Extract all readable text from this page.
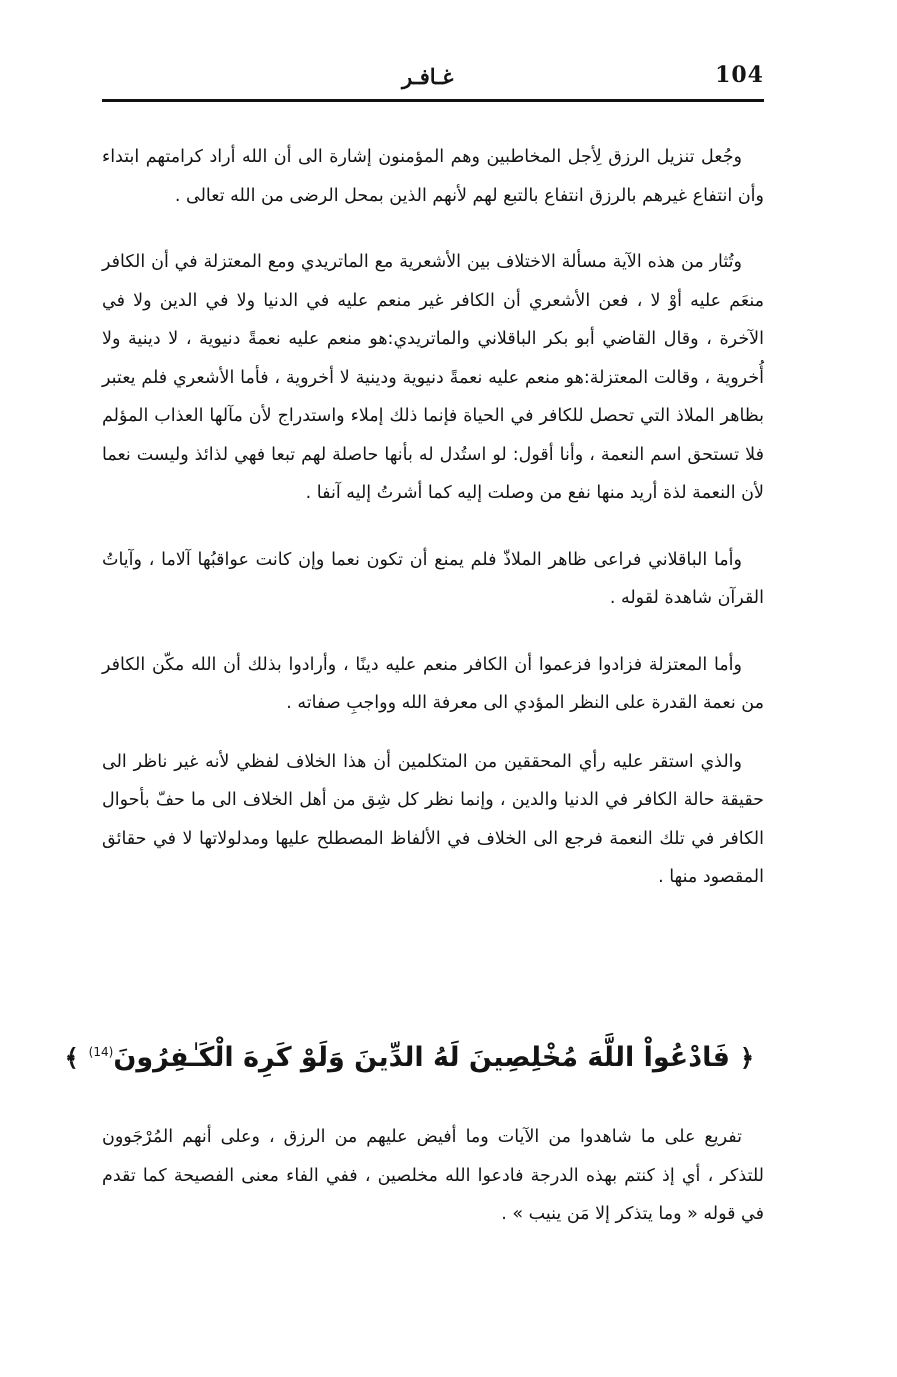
104
غـافـر

وجُعل تنزيل الرزق لِأجل المخاطبين وهم المؤمنون إشارة الى أن الله أراد كرامتهم ابتداء وأن انتفاع غيرهم بالرزق انتفاع بالتبع لهم لأنهم الذين بمحل الرضى من الله تعالى .

وتُثار من هذه الآية مسألة الاختلاف بين الأشعرية مع الماتريدي ومع المعتزلة في أن الكافر منعَم عليه أوْ لا ، فعن الأشعري أن الكافر غير منعم عليه في الدنيا ولا في الدين ولا في الآخرة ، وقال القاضي أبو بكر الباقلاني والماتريدي:هو منعم عليه نعمةً دنيوية ، لا دينية ولا أُخروية ، وقالت المعتزلة:هو منعم عليه نعمةً دنيوية ودينية لا أخروية ، فأما الأشعري فلم يعتبر بظاهر الملاذ التي تحصل للكافر في الحياة فإنما ذلك إملاء واستدراج لأن مآلها العذاب المؤلم فلا تستحق اسم النعمة ، وأنا أقول: لو استُدل له بأنها حاصلة لهم تبعا فهي لذائذ وليست نعما لأن النعمة لذة أريد منها نفع من وصلت إليه كما أشرتُ إليه آنفا .

وأما الباقلاني فراعى ظاهر الملاذّ فلم يمنع أن تكون نعما وإن كانت عواقبُها آلاما ، وآياتُ القرآن شاهدة لقوله .

وأما المعتزلة فزادوا فزعموا أن الكافر منعم عليه دينًا ، وأرادوا بذلك أن الله مكّن الكافر من نعمة القدرة على النظر المؤدي الى معرفة الله وواجبِ صفاته .

والذي استقر عليه رأي المحققين من المتكلمين أن هذا الخلاف لفظي لأنه غير ناظر الى حقيقة حالة الكافر في الدنيا والدين ، وإنما نظر كل شِق من أهل الخلاف الى ما حفّ بأحوال الكافر في تلك النعمة فرجع الى الخلاف في الألفاظ المصطلح عليها ومدلولاتها لا في حقائق المقصود منها .

﴿فَادْعُواْ اللَّهَ مُخْلِصِينَ لَهُ الدِّينَ وَلَوْ كَرِهَ الْكَـٰفِرُونَ$^{(14)}$﴾

تفريع على ما شاهدوا من الآيات وما أفيض عليهم من الرزق ، وعلى أنهم المُرْجَوون للتذكر ، أي إذ كنتم بهذه الدرجة فادعوا الله مخلصين ، ففي الفاء معنى الفصيحة كما تقدم في قوله « وما يتذكر إلا مَن ينيب » .
